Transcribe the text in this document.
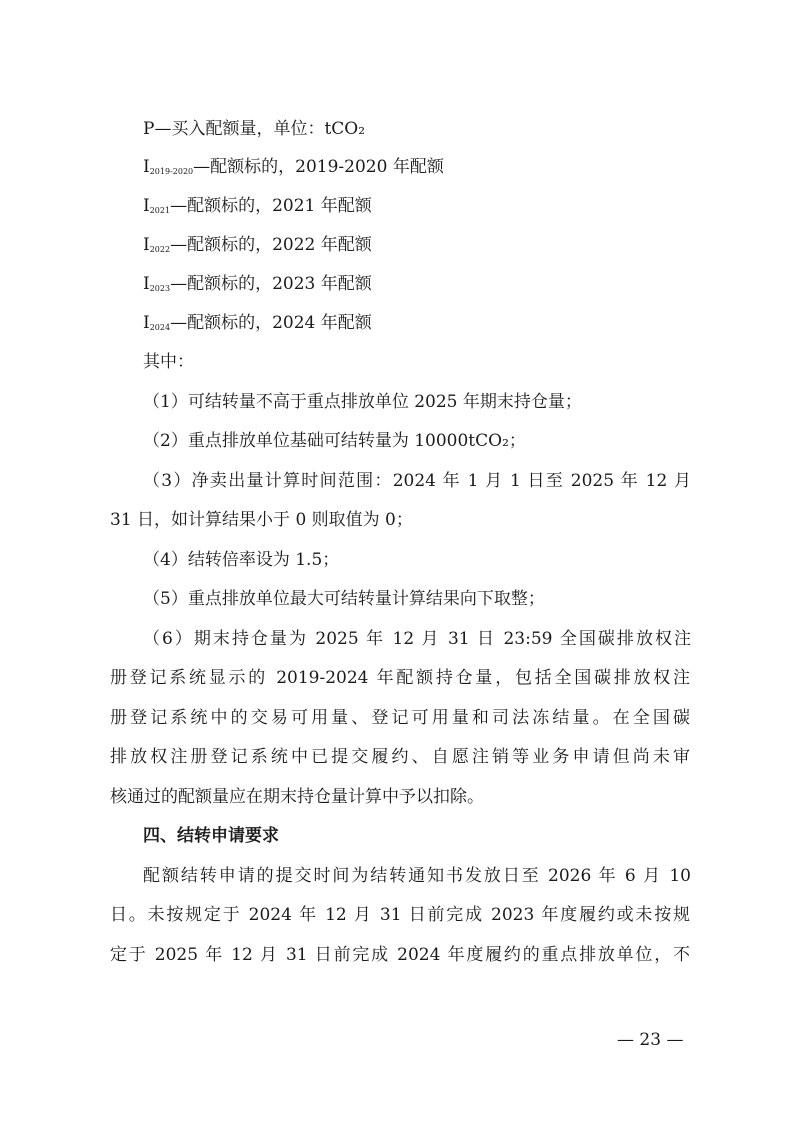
P—买入配额量，单位：tCO₂
$I_{2019-2020}—$配额标的，2019-2020 年配额
$I_{2021}—$配额标的，2021 年配额
$I_{2022}—$配额标的，2022 年配额
$I_{2023}—$配额标的，2023 年配额
$I_{2024}—$配额标的，2024 年配额
其中：
（1）可结转量不高于重点排放单位 2025 年期末持仓量；
（2）重点排放单位基础可结转量为 10000tCO₂；
（3）净卖出量计算时间范围：2024 年 1 月 1 日至 2025 年 12 月
31 日，如计算结果小于 0 则取值为 0；
（4）结转倍率设为 1.5；
（5）重点排放单位最大可结转量计算结果向下取整；
（6）期末持仓量为 2025 年 12 月 31 日 23:59 全国碳排放权注
册登记系统显示的 2019-2024 年配额持仓量，包括全国碳排放权注
册登记系统中的交易可用量、登记可用量和司法冻结量。在全国碳
排放权注册登记系统中已提交履约、自愿注销等业务申请但尚未审
核通过的配额量应在期末持仓量计算中予以扣除。
四、结转申请要求
配额结转申请的提交时间为结转通知书发放日至 2026 年 6 月 10
日。未按规定于 2024 年 12 月 31 日前完成 2023 年度履约或未按规
定于 2025 年 12 月 31 日前完成 2024 年度履约的重点排放单位，不
— 23 —
